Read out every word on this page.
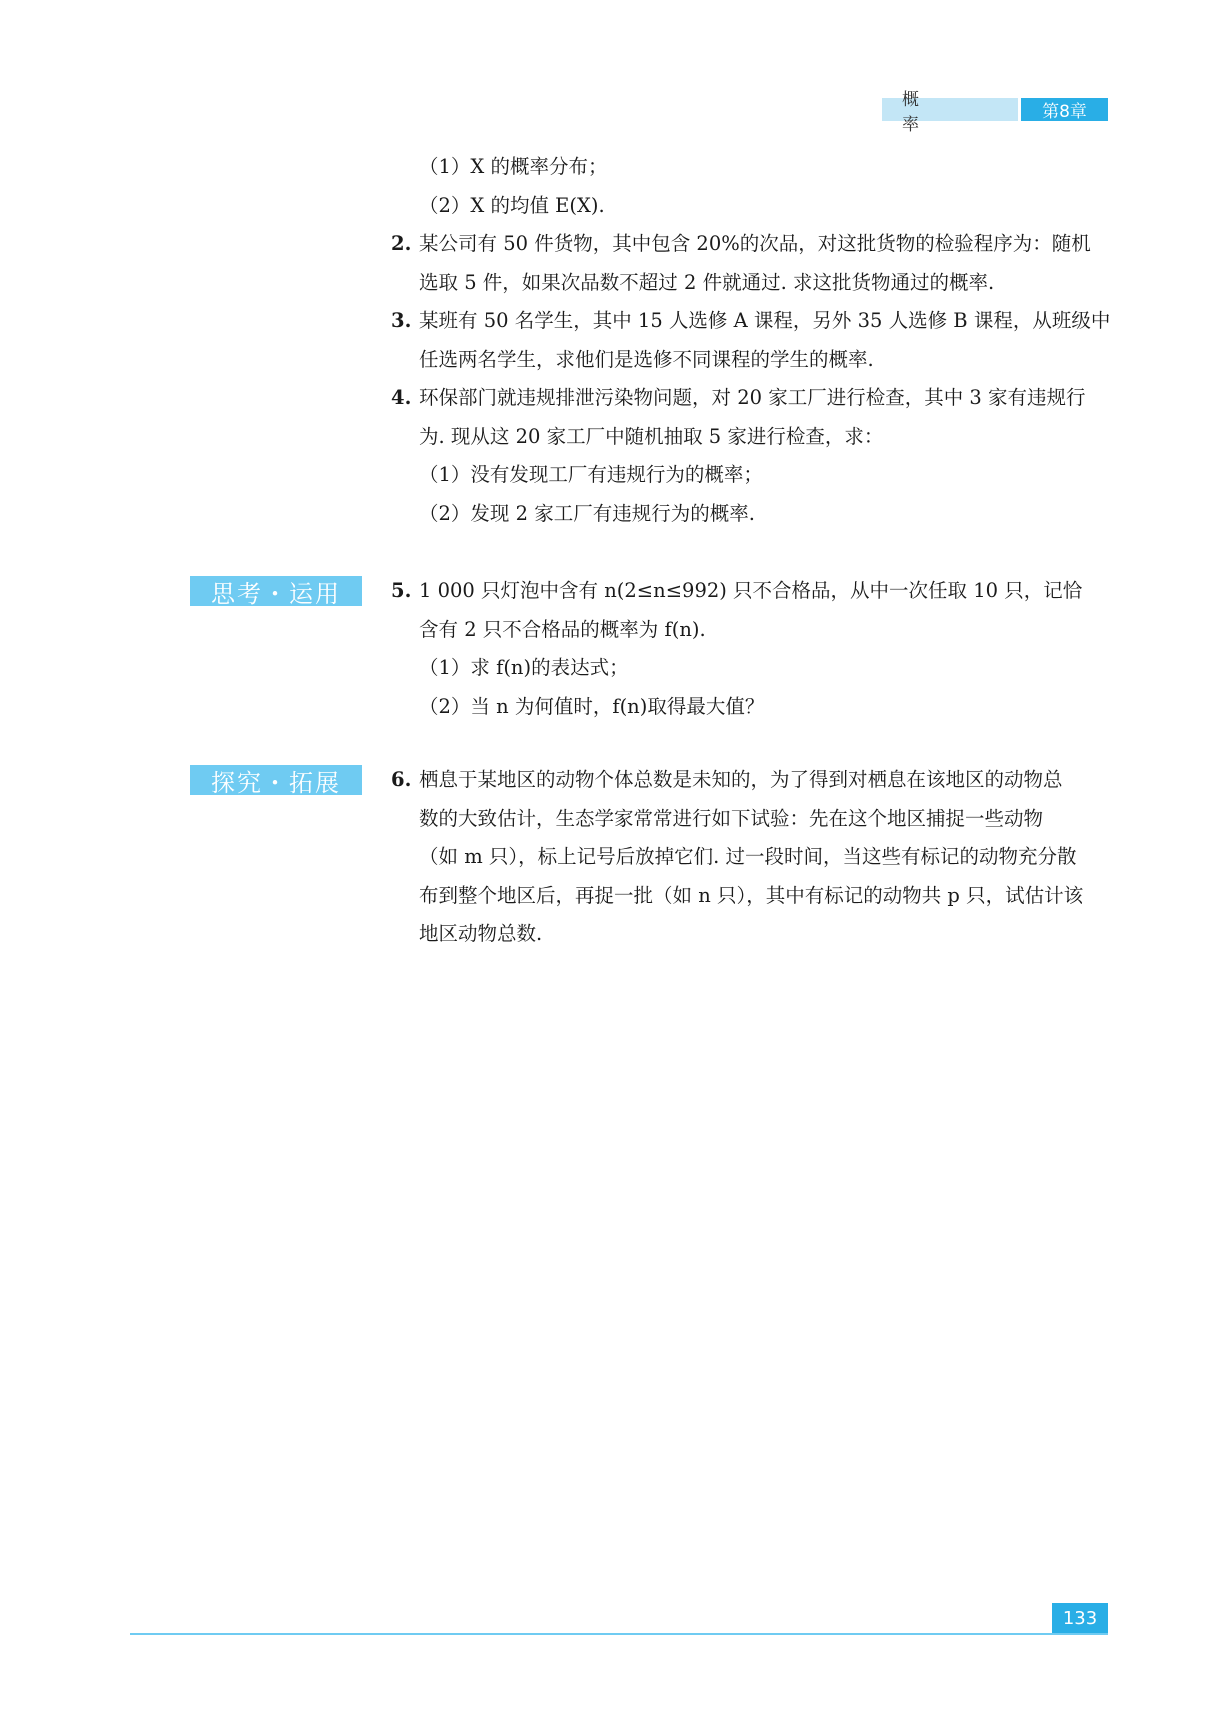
概　率
第8章
（1）X 的概率分布；
（2）X 的均值 E(X).
2. 某公司有 50 件货物，其中包含 20%的次品，对这批货物的检验程序为：随机
选取 5 件，如果次品数不超过 2 件就通过. 求这批货物通过的概率.
3. 某班有 50 名学生，其中 15 人选修 A 课程，另外 35 人选修 B 课程，从班级中
任选两名学生，求他们是选修不同课程的学生的概率.
4. 环保部门就违规排泄污染物问题，对 20 家工厂进行检查，其中 3 家有违规行
为. 现从这 20 家工厂中随机抽取 5 家进行检查，求：
（1）没有发现工厂有违规行为的概率；
（2）发现 2 家工厂有违规行为的概率.
思考・运用	5. 1 000 只灯泡中含有 n(2≤n≤992) 只不合格品，从中一次任取 10 只，记恰
含有 2 只不合格品的概率为 f(n).
（1）求 f(n)的表达式；
（2）当 n 为何值时，f(n)取得最大值？
探究・拓展	6. 栖息于某地区的动物个体总数是未知的，为了得到对栖息在该地区的动物总
数的大致估计，生态学家常常进行如下试验：先在这个地区捕捉一些动物
（如 m 只），标上记号后放掉它们. 过一段时间，当这些有标记的动物充分散
布到整个地区后，再捉一批（如 n 只），其中有标记的动物共 p 只，试估计该
地区动物总数.
133
